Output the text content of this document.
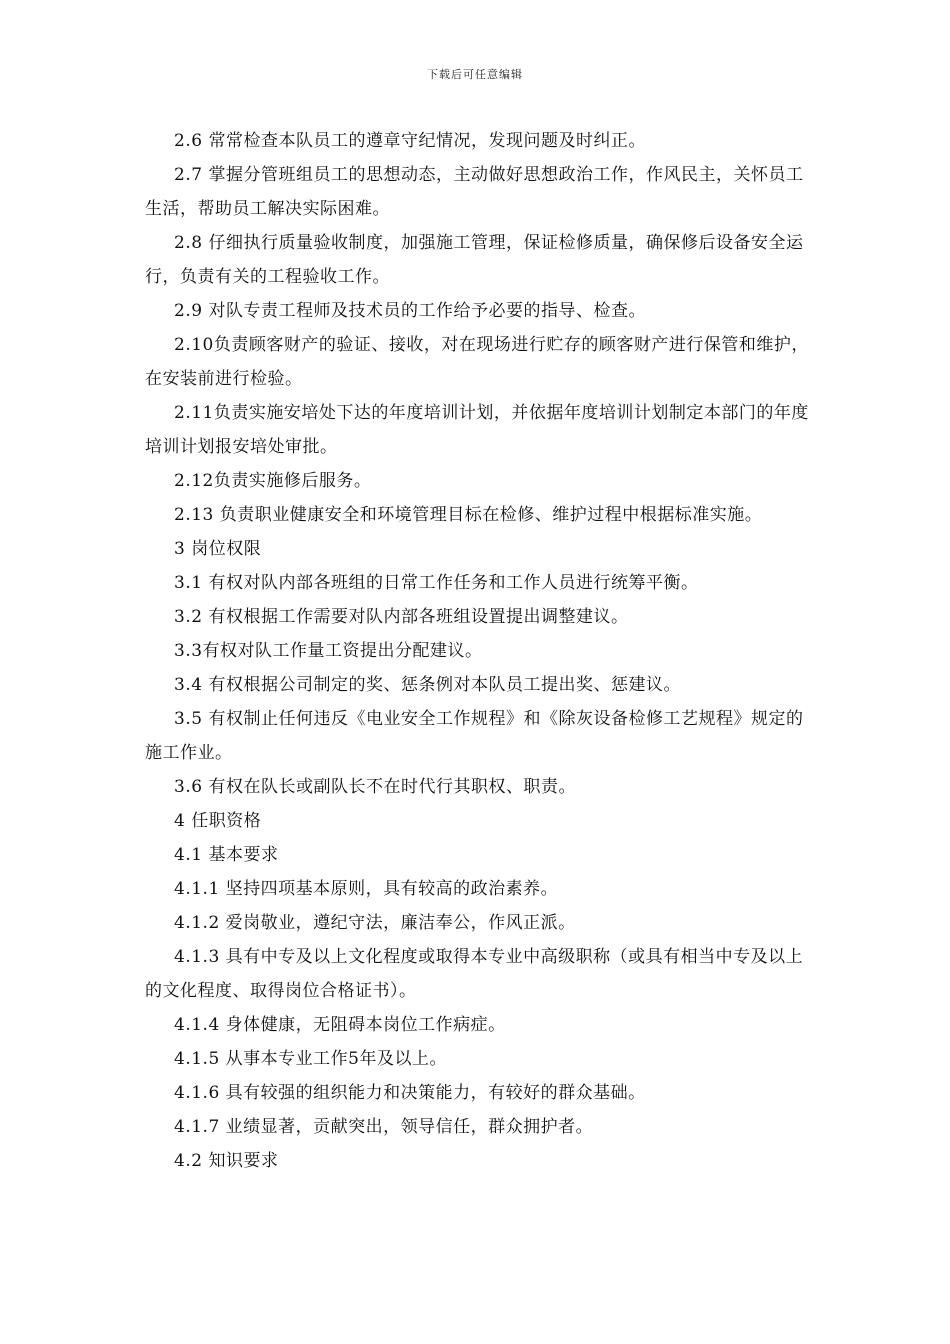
下载后可任意编辑

2.6 常常检查本队员工的遵章守纪情况，发现问题及时纠正。

2.7 掌握分管班组员工的思想动态，主动做好思想政治工作，作风民主，关怀员工生活，帮助员工解决实际困难。

2.8 仔细执行质量验收制度，加强施工管理，保证检修质量，确保修后设备安全运行，负责有关的工程验收工作。

2.9 对队专责工程师及技术员的工作给予必要的指导、检查。

2.10负责顾客财产的验证、接收，对在现场进行贮存的顾客财产进行保管和维护，在安装前进行检验。

2.11负责实施安培处下达的年度培训计划，并依据年度培训计划制定本部门的年度培训计划报安培处审批。

2.12负责实施修后服务。

2.13 负责职业健康安全和环境管理目标在检修、维护过程中根据标准实施。

3 岗位权限

3.1 有权对队内部各班组的日常工作任务和工作人员进行统筹平衡。

3.2 有权根据工作需要对队内部各班组设置提出调整建议。

3.3有权对队工作量工资提出分配建议。

3.4 有权根据公司制定的奖、惩条例对本队员工提出奖、惩建议。

3.5 有权制止任何违反《电业安全工作规程》和《除灰设备检修工艺规程》规定的施工作业。

3.6 有权在队长或副队长不在时代行其职权、职责。

4 任职资格

4.1 基本要求

4.1.1 坚持四项基本原则，具有较高的政治素养。

4.1.2 爱岗敬业，遵纪守法，廉洁奉公，作风正派。

4.1.3 具有中专及以上文化程度或取得本专业中高级职称（或具有相当中专及以上的文化程度、取得岗位合格证书）。

4.1.4 身体健康，无阻碍本岗位工作病症。

4.1.5 从事本专业工作5年及以上。

4.1.6 具有较强的组织能力和决策能力，有较好的群众基础。

4.1.7 业绩显著，贡献突出，领导信任，群众拥护者。

4.2 知识要求
